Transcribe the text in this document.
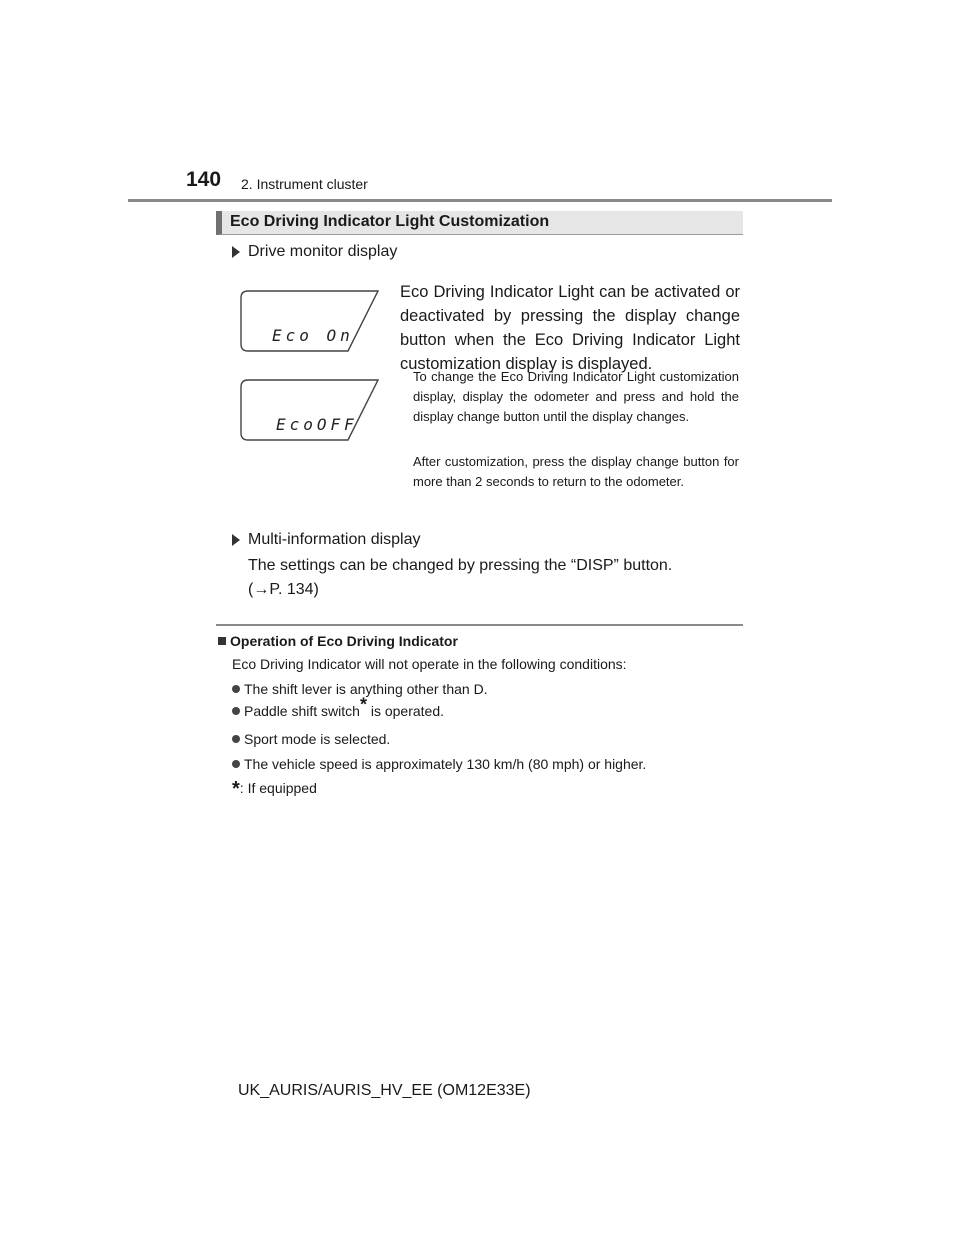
140 2. Instrument cluster
Eco Driving Indicator Light Customization
Drive monitor display
Eco On
EcoOFF
Eco Driving Indicator Light can be activated or deactivated by pressing the display change button when the Eco Driving Indicator Light customization display is displayed.
To change the Eco Driving Indicator Light customization display, display the odometer and press and hold the display change button until the display changes.
After customization, press the display change button for more than 2 seconds to return to the odometer.
Multi-information display
The settings can be changed by pressing the “DISP” button.
(→P. 134)
Operation of Eco Driving Indicator
Eco Driving Indicator will not operate in the following conditions:
The shift lever is anything other than D.
Paddle shift switch* is operated.
Sport mode is selected.
The vehicle speed is approximately 130 km/h (80 mph) or higher.
*: If equipped
UK_AURIS/AURIS_HV_EE (OM12E33E)
